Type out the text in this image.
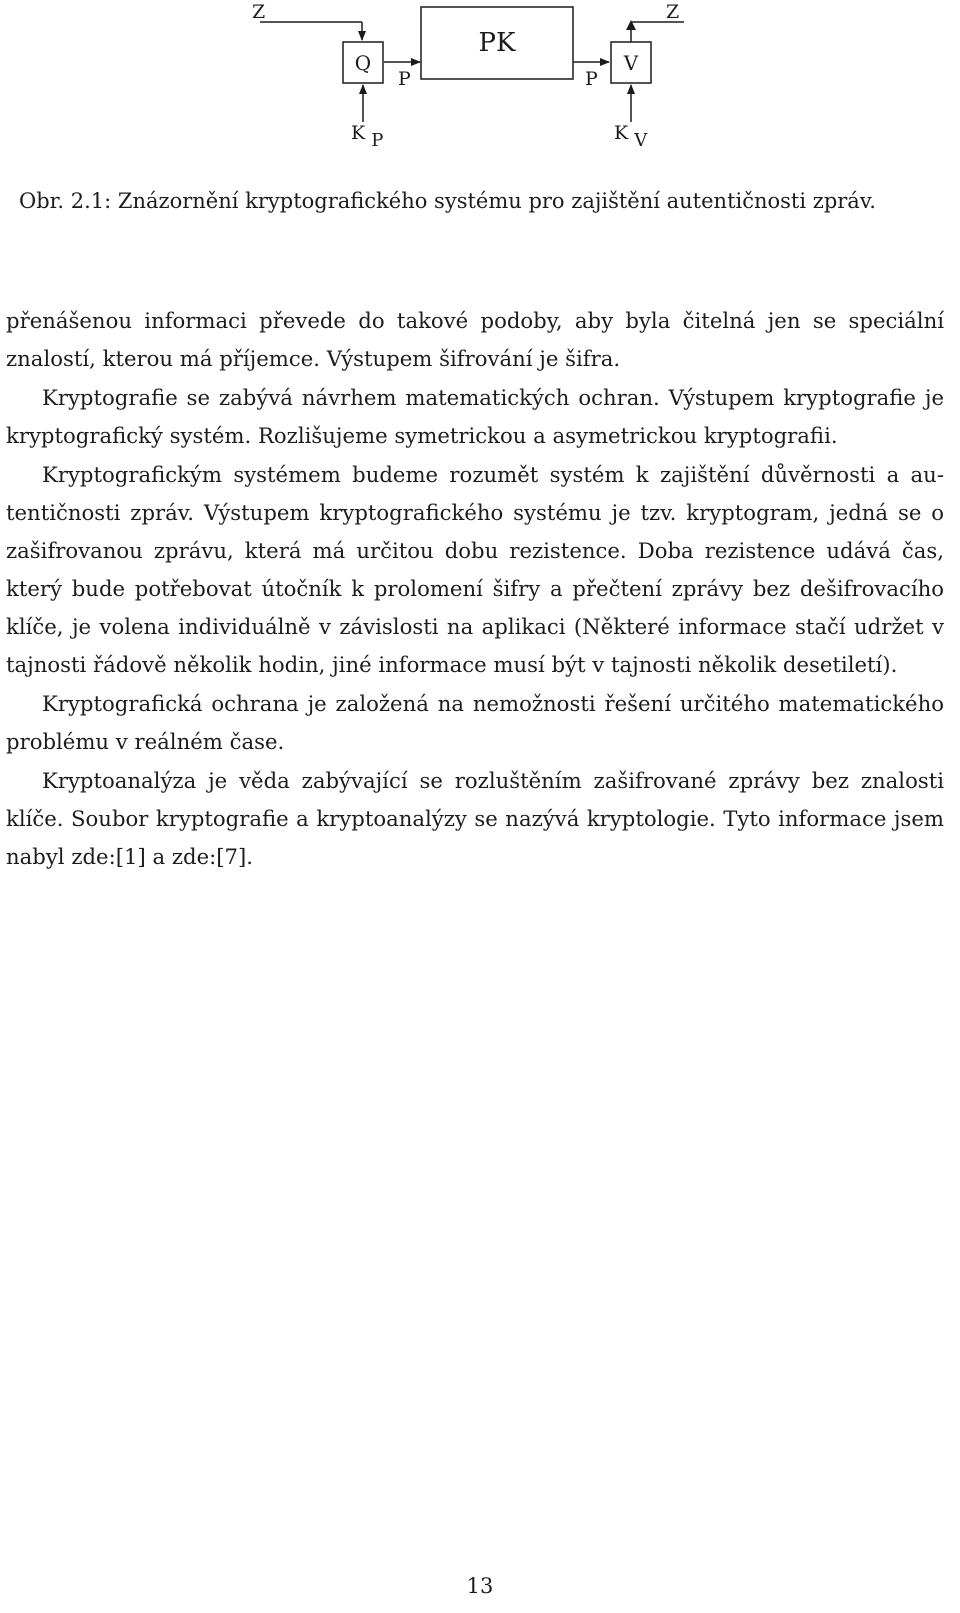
Z
Q
P
PK
P
V
Z
K P	K V
Obr. 2.1: Znázornění kryptografického systému pro zajištění autentičnosti zpráv.

přenášenou informaci převede do takové podoby, aby byla čitelná jen se speciální znalostí, kterou má příjemce. Výstupem šifrování je šifra.

Kryptografie se zabývá návrhem matematických ochran. Výstupem kryptografie je kryptografický systém. Rozlišujeme symetrickou a asymetrickou kryptografii.

Kryptografickým systémem budeme rozumět systém k zajištění důvěrnosti a autentičnosti zpráv. Výstupem kryptografického systému je tzv. kryptogram, jedná se o zašifrovanou zprávu, která má určitou dobu rezistence. Doba rezistence udává čas, který bude potřebovat útočník k prolomení šifry a přečtení zprávy bez dešifrovacího klíče, je volena individuálně v závislosti na aplikaci (Některé informace stačí udržet v tajnosti řádově několik hodin, jiné informace musí být v tajnosti několik desetiletí).

Kryptografická ochrana je založená na nemožnosti řešení určitého matematického problému v reálném čase.

Kryptoanalýza je věda zabývající se rozluštěním zašifrované zprávy bez znalosti klíče. Soubor kryptografie a kryptoanalýzy se nazývá kryptologie. Tyto informace jsem nabyl zde:[1] a zde:[7].

13
